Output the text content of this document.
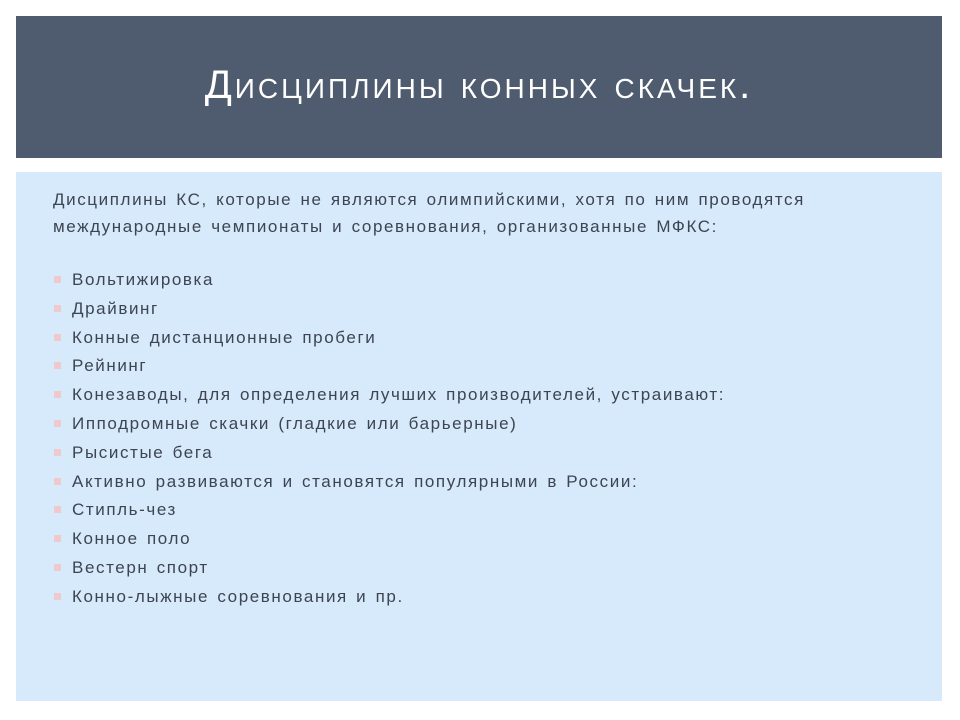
Дисциплины конных скачек.

Дисциплины КС, которые не являются олимпийскими, хотя по ним проводятся международные чемпионаты и соревнования, организованные МФКС:

Вольтижировка
Драйвинг
Конные дистанционные пробеги
Рейнинг
Конезаводы, для определения лучших производителей, устраивают:
Ипподромные скачки (гладкие или барьерные)
Рысистые бега
Активно развиваются и становятся популярными в России:
Стипль-чез
Конное поло
Вестерн спорт
Конно-лыжные соревнования и пр.
